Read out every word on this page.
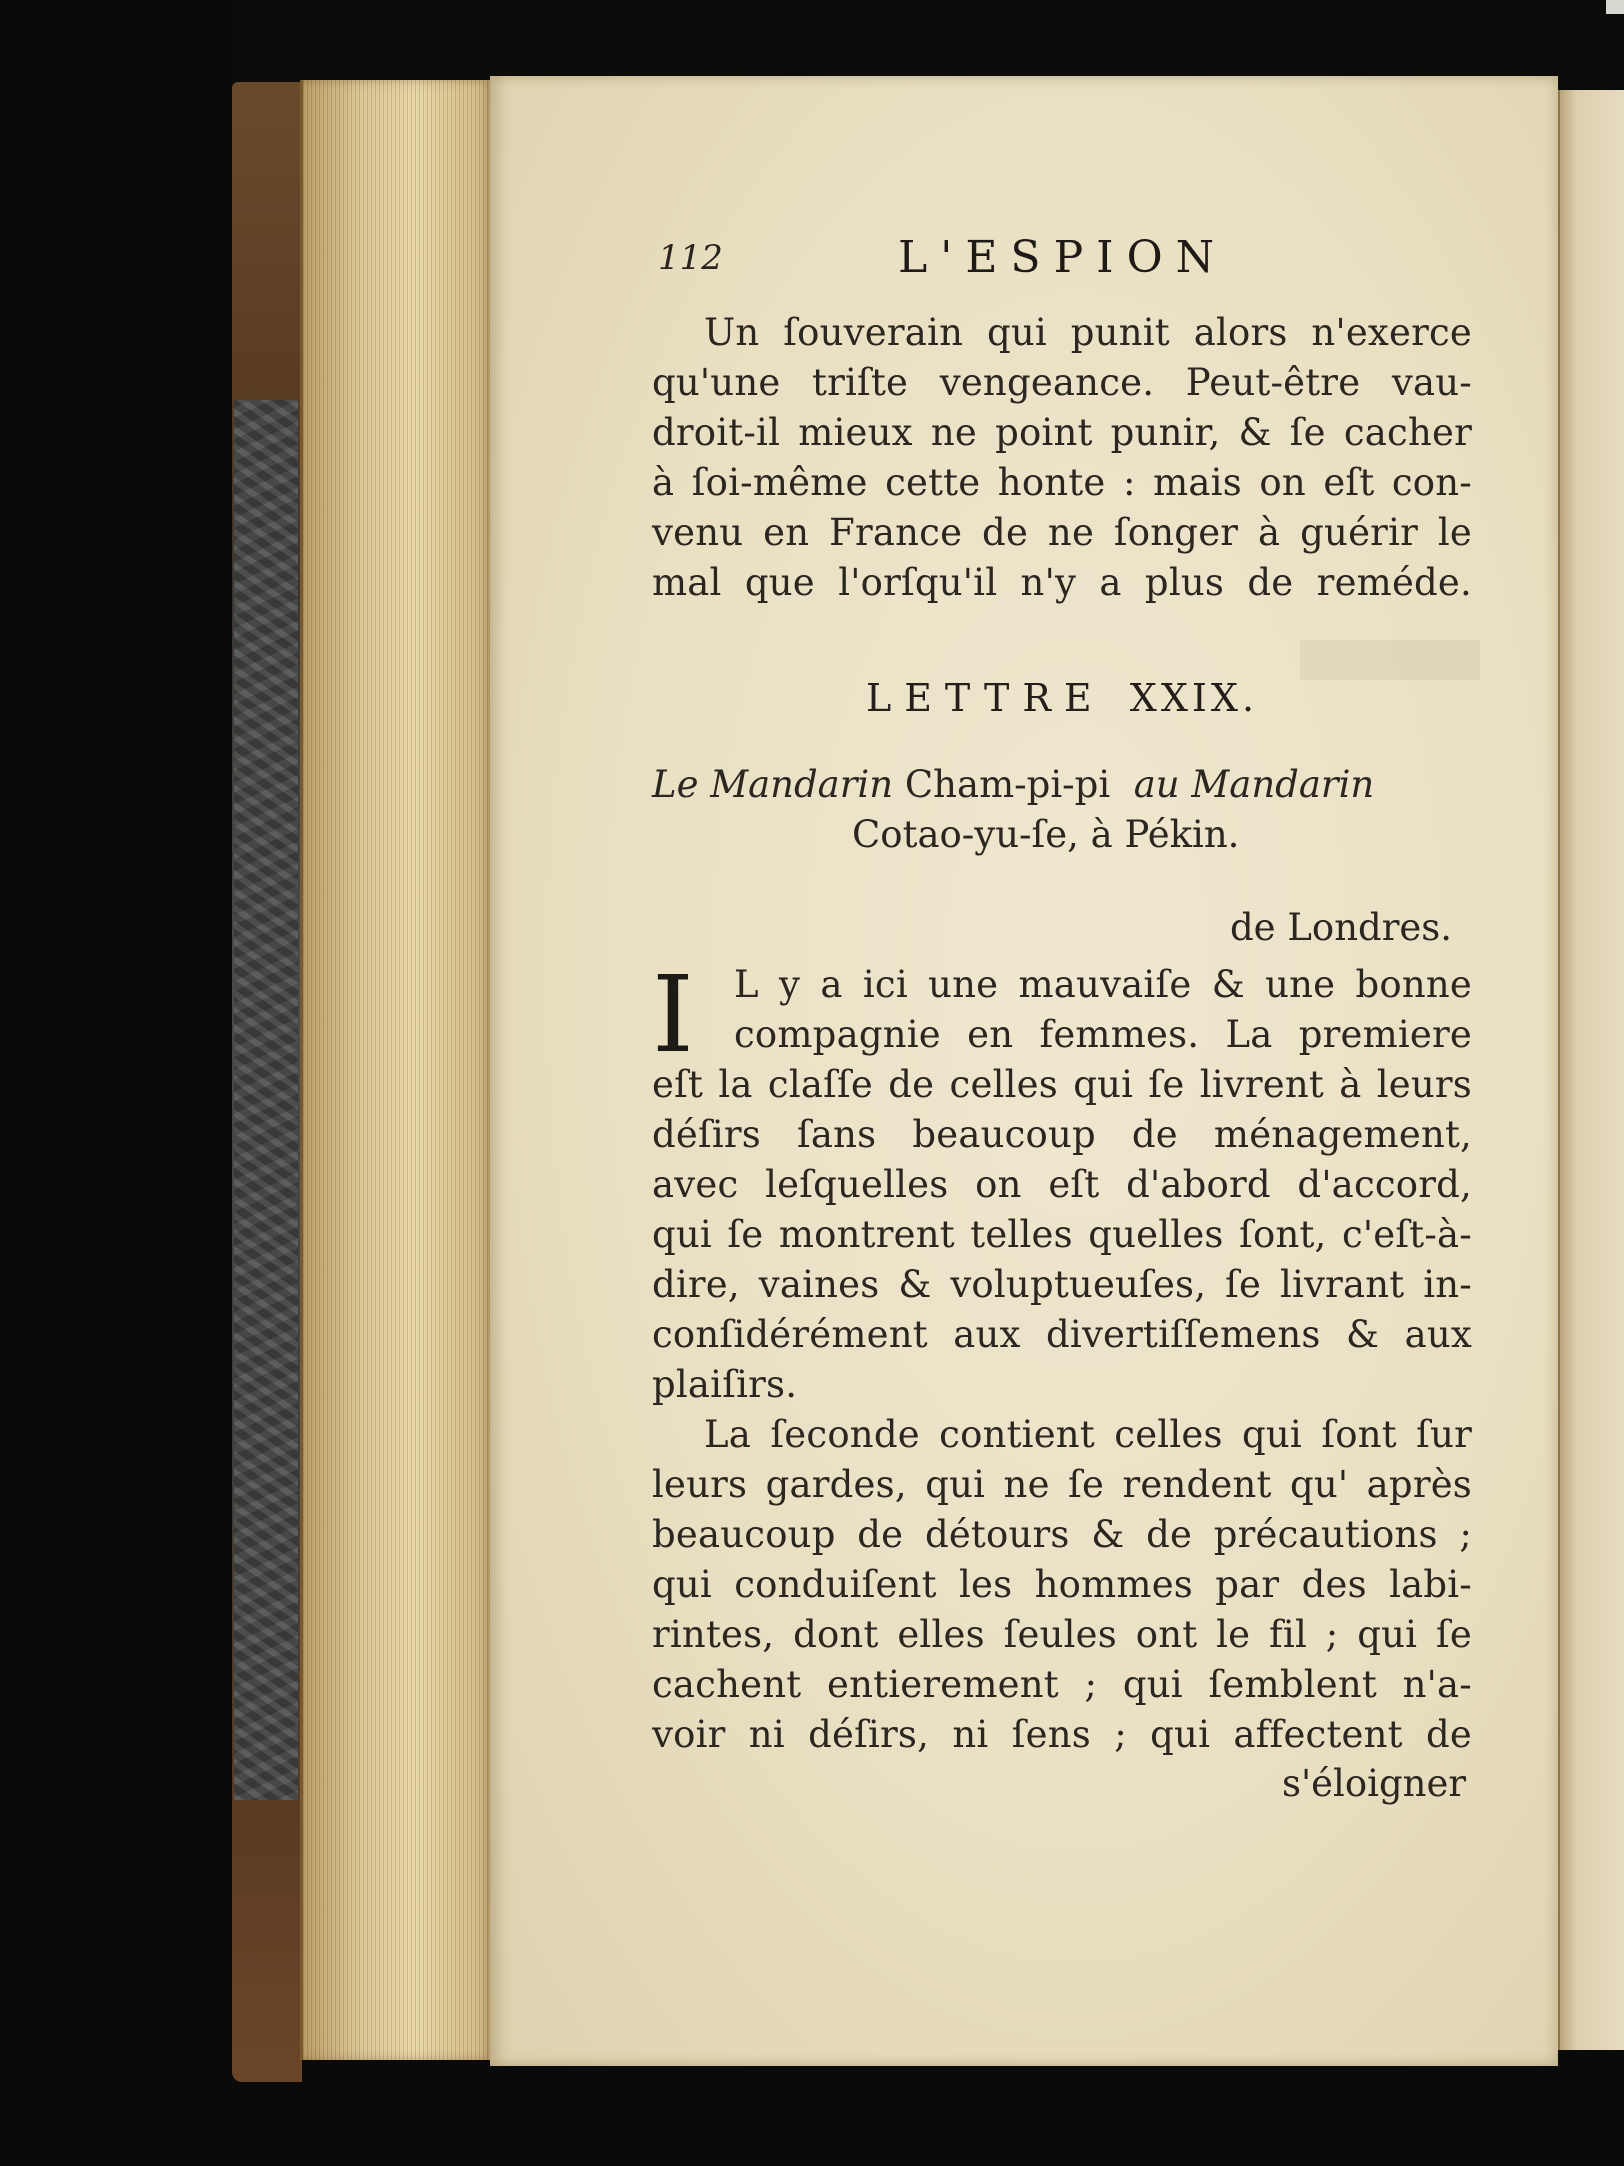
112	L'ESPION
Un ſouverain qui punit alors n'exerce
qu'une triſte vengeance. Peut-être vau-
droit-il mieux ne point punir, & ſe cacher
à ſoi-même cette honte : mais on eſt con-
venu en France de ne ſonger à guérir le
mal que l'orſqu'il n'y a plus de reméde.
LETTRE XXIX.
Le Mandarin Cham-pi-pi au Mandarin
Cotao-yu-ſe, à Pékin.
de Londres.
I	L y a ici une mauvaiſe & une bonne
compagnie en femmes. La premiere
eſt la claſſe de celles qui ſe livrent à leurs
déſirs ſans beaucoup de ménagement,
avec leſquelles on eſt d'abord d'accord,
qui ſe montrent telles quelles ſont, c'eſt-à-
dire, vaines & voluptueuſes, ſe livrant in-
conſidérément aux divertiſſemens & aux
plaiſirs.
La ſeconde contient celles qui ſont ſur
leurs gardes, qui ne ſe rendent qu' après
beaucoup de détours & de précautions ;
qui conduiſent les hommes par des labi-
rintes, dont elles ſeules ont le fil ; qui ſe
cachent entierement ; qui ſemblent n'a-
voir ni déſirs, ni ſens ; qui affectent de
s'éloigner
